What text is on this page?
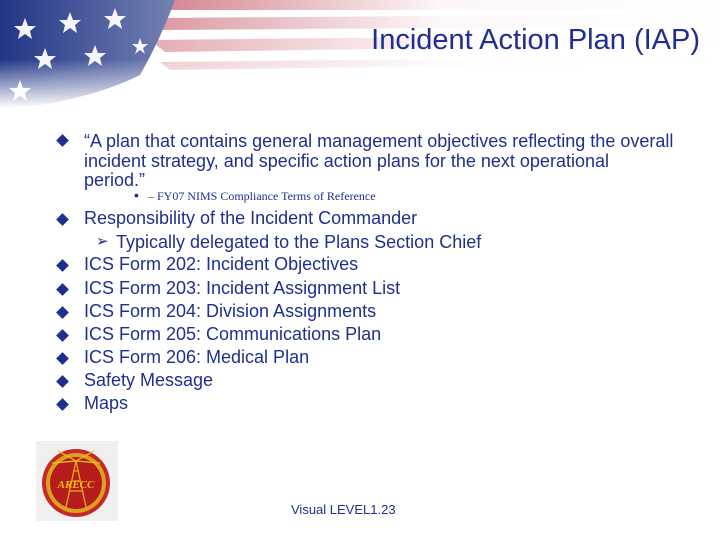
Incident Action Plan (IAP)
“A plan that contains general management objectives reflecting the overall incident strategy, and specific action plans for the next operational period.”
• – FY07 NIMS Compliance Terms of Reference
Responsibility of the Incident Commander
➢ Typically delegated to the Plans Section Chief
ICS Form 202: Incident Objectives
ICS Form 203: Incident Assignment List
ICS Form 204: Division Assignments
ICS Form 205: Communications Plan
ICS Form 206: Medical Plan
Safety Message
Maps
ARECC
Visual LEVEL1.23
